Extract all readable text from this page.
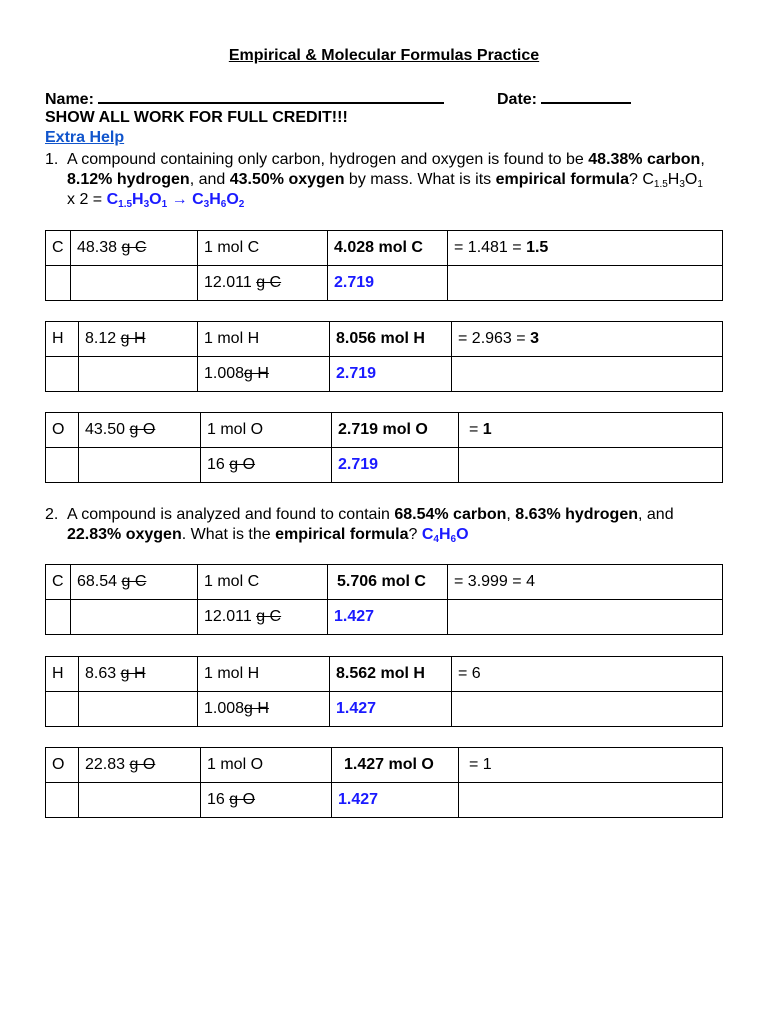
Empirical & Molecular Formulas Practice
Name:	Date:
SHOW ALL WORK FOR FULL CREDIT!!!
Extra Help
1. A compound containing only carbon, hydrogen and oxygen is found to be 48.38% carbon,
8.12% hydrogen, and 43.50% oxygen by mass. What is its empirical formula? $C_{1.5}H_3O_1$
x $2 = C_{1.5}H_3O_1 \to C_3H_6O_2$
C	48.38 g C	1 mol C	4.028 mol C	= 1.481 = 1.5
		12.011 g C	2.719	
H	8.12 g H	1 mol H	8.056 mol H	= 2.963 = 3
		1.008g H	2.719	
O	43.50 g O	1 mol O	2.719 mol O	= 1
		16 g O	2.719	
2. A compound is analyzed and found to contain 68.54% carbon, 8.63% hydrogen, and
22.83% oxygen. What is the empirical formula? $C_4H_6O$
C	68.54 g C	1 mol C	5.706 mol C	= 3.999 = 4
		12.011 g C	1.427	
H	8.63 g H	1 mol H	8.562 mol H	= 6
		1.008g H	1.427	
O	22.83 g O	1 mol O	1.427 mol O	= 1
		16 g O	1.427	
